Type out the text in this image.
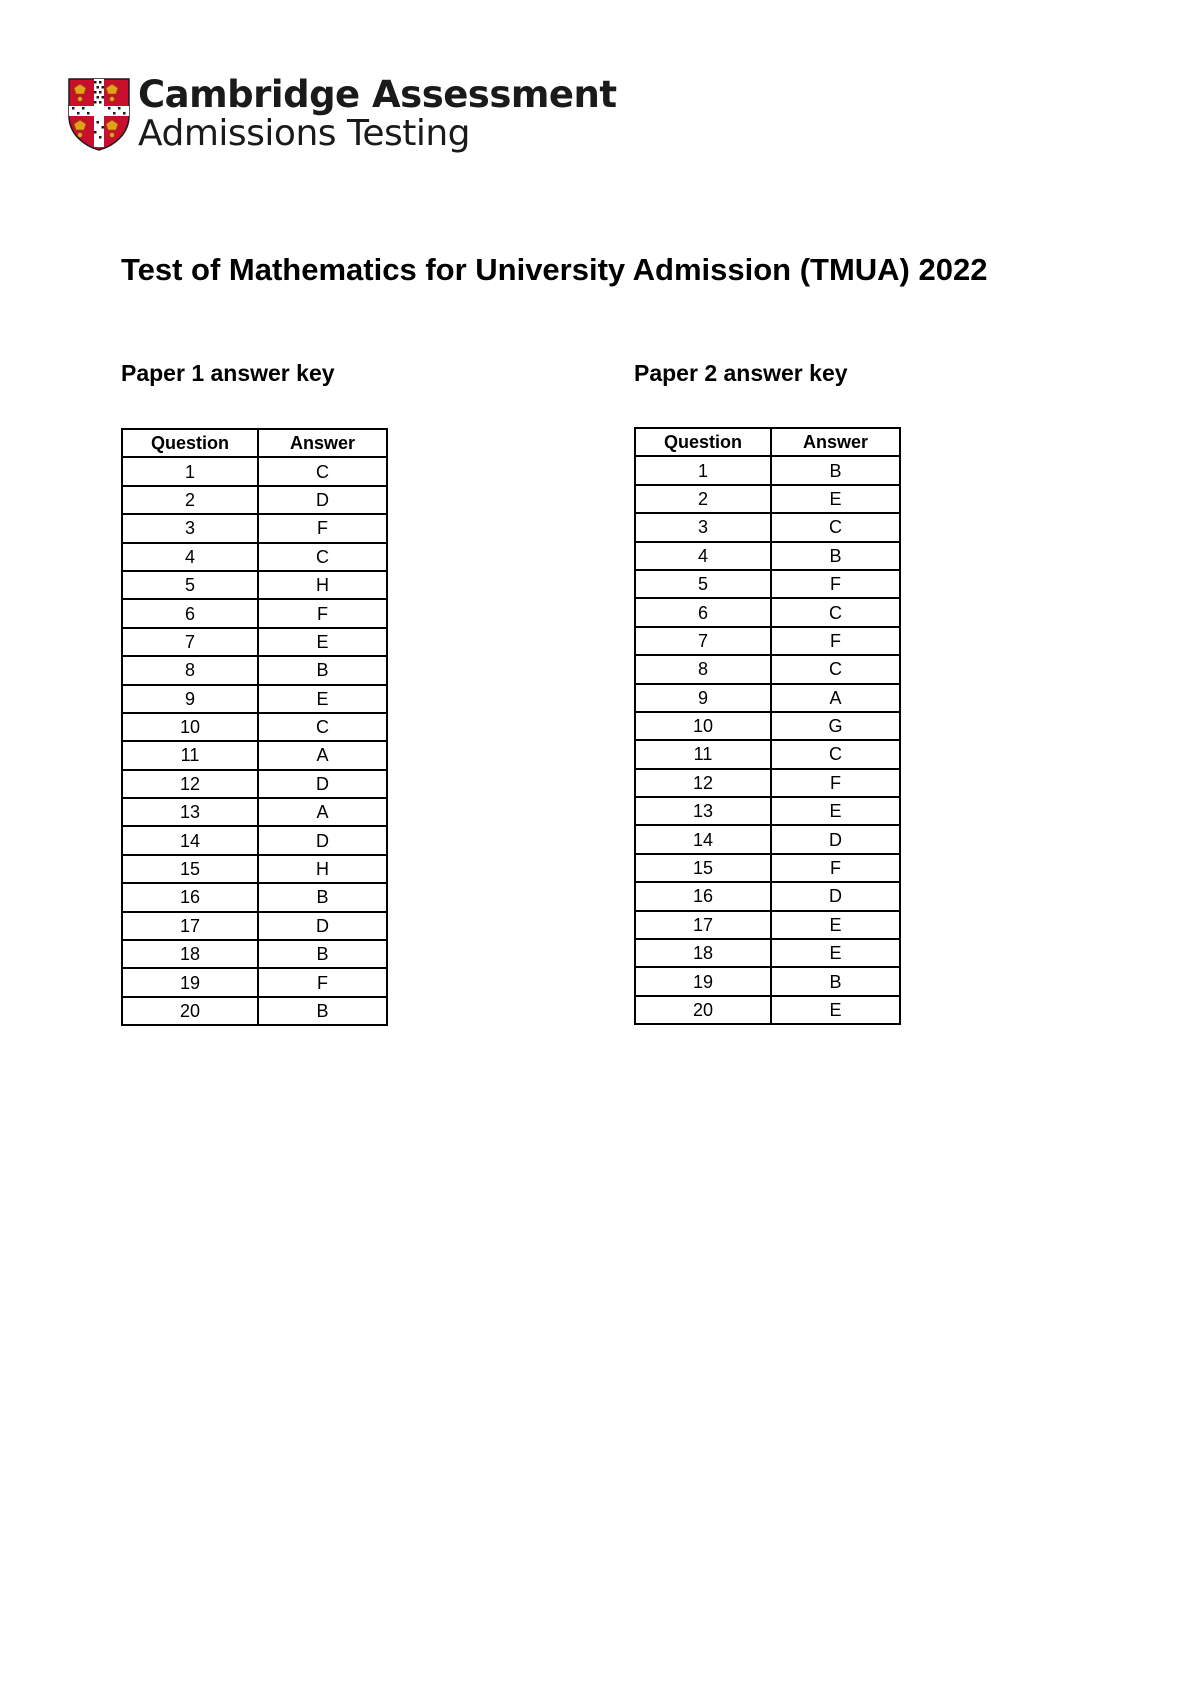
Cambridge Assessment
Admissions Testing
Test of Mathematics for University Admission (TMUA) 2022
Paper 1 answer key	Paper 2 answer key
Question	Answer
1	C
2	D
3	F
4	C
5	H
6	F
7	E
8	B
9	E
10	C
11	A
12	D
13	A
14	D
15	H
16	B
17	D
18	B
19	F
20	B
Question	Answer
1	B
2	E
3	C
4	B
5	F
6	C
7	F
8	C
9	A
10	G
11	C
12	F
13	E
14	D
15	F
16	D
17	E
18	E
19	B
20	E
